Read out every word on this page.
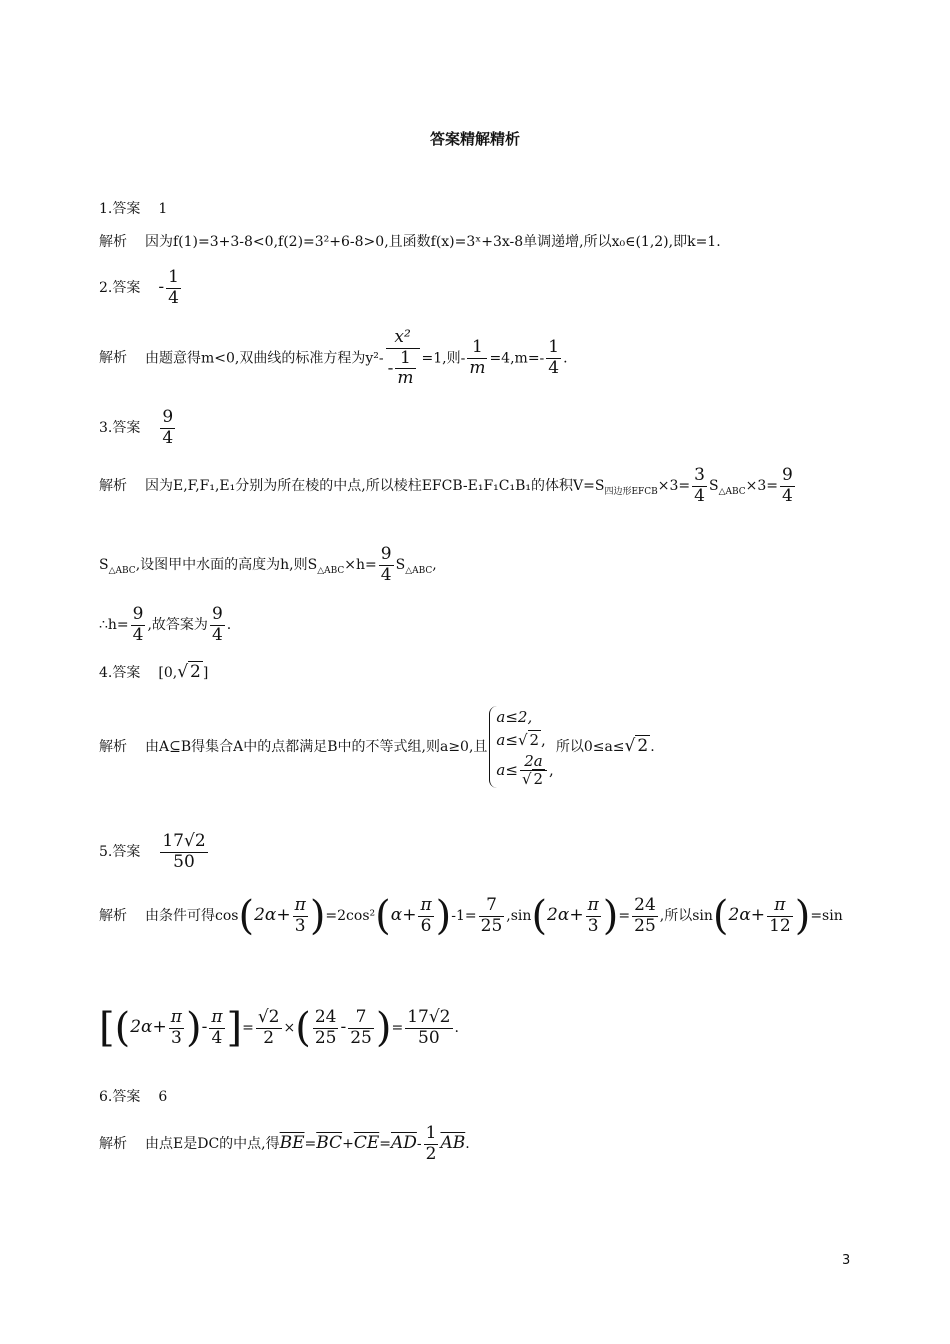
答案精解精析
1.答案 1
解析 因为f(1)=3+3-8<0,f(2)=3²+6-8>0,且函数f(x)=3ˣ+3x-8单调递增,所以x₀∈(1,2),即k=1.
2.答案 - $\frac{1}{4}$
解析 由题意得m<0,双曲线的标准方程为$y^2- \frac{\text{x²}}{- \frac{1}{m}} =1$,则- $\frac{1}{m} =4,m=- \frac{1}{4}$ .
3.答案 $\frac{9}{4}$
解析 因为E,F,F₁,E₁分别为所在棱的中点,所以棱柱EFCB-E₁F₁C₁B₁的体积$V=S_{四边形EFCB}\times 3= \frac{3}{4} S_{\triangle ABC}\times 3= \frac{9}{4}$
$S_{\triangle ABC}$,设图甲中水面的高度为h,则$S_{\triangle ABC}\times h= \frac{9}{4} S_{\triangle ABC}$,
∴h= $\frac{9}{4}$ ,故答案为 $\frac{9}{4}$ .
4.答案 [0,√ 2 ]
解析 由A⊆B得集合A中的点都满足B中的不等式组,则a≥0,且
a≤2,
a≤√ 2 ,
$a\le \frac{2a}{√ 2}$ ,
所以0≤a≤√ 2 .
5.答案 $\frac{17√2}{50}$
解析 由条件可得$\cos(2\alpha+ \frac{\pi}{3} )=2\cos^2(\alpha+ \frac{\pi}{6} )-1= \frac{7}{25} ,\sin(2\alpha+ \frac{\pi}{3}$ )= $\frac{24}{25}$ ,所以$\sin(2\alpha+ \frac{\pi}{12} )=\sin$
[($2\alpha+ \frac{\pi}{3}$ )- $\frac{\pi}{4}$ ]= $\frac{√2}{2}$ ×( $\frac{24}{25} - \frac{7}{25}$ )= $\frac{17√2}{50}$ .
6.答案 6
解析 由点E是DC的中点,得$\overline{BE}=\overline{BC}+\overline{CE}=\overline{AD}- \frac{1}{2} \overline{AB}$.
3
